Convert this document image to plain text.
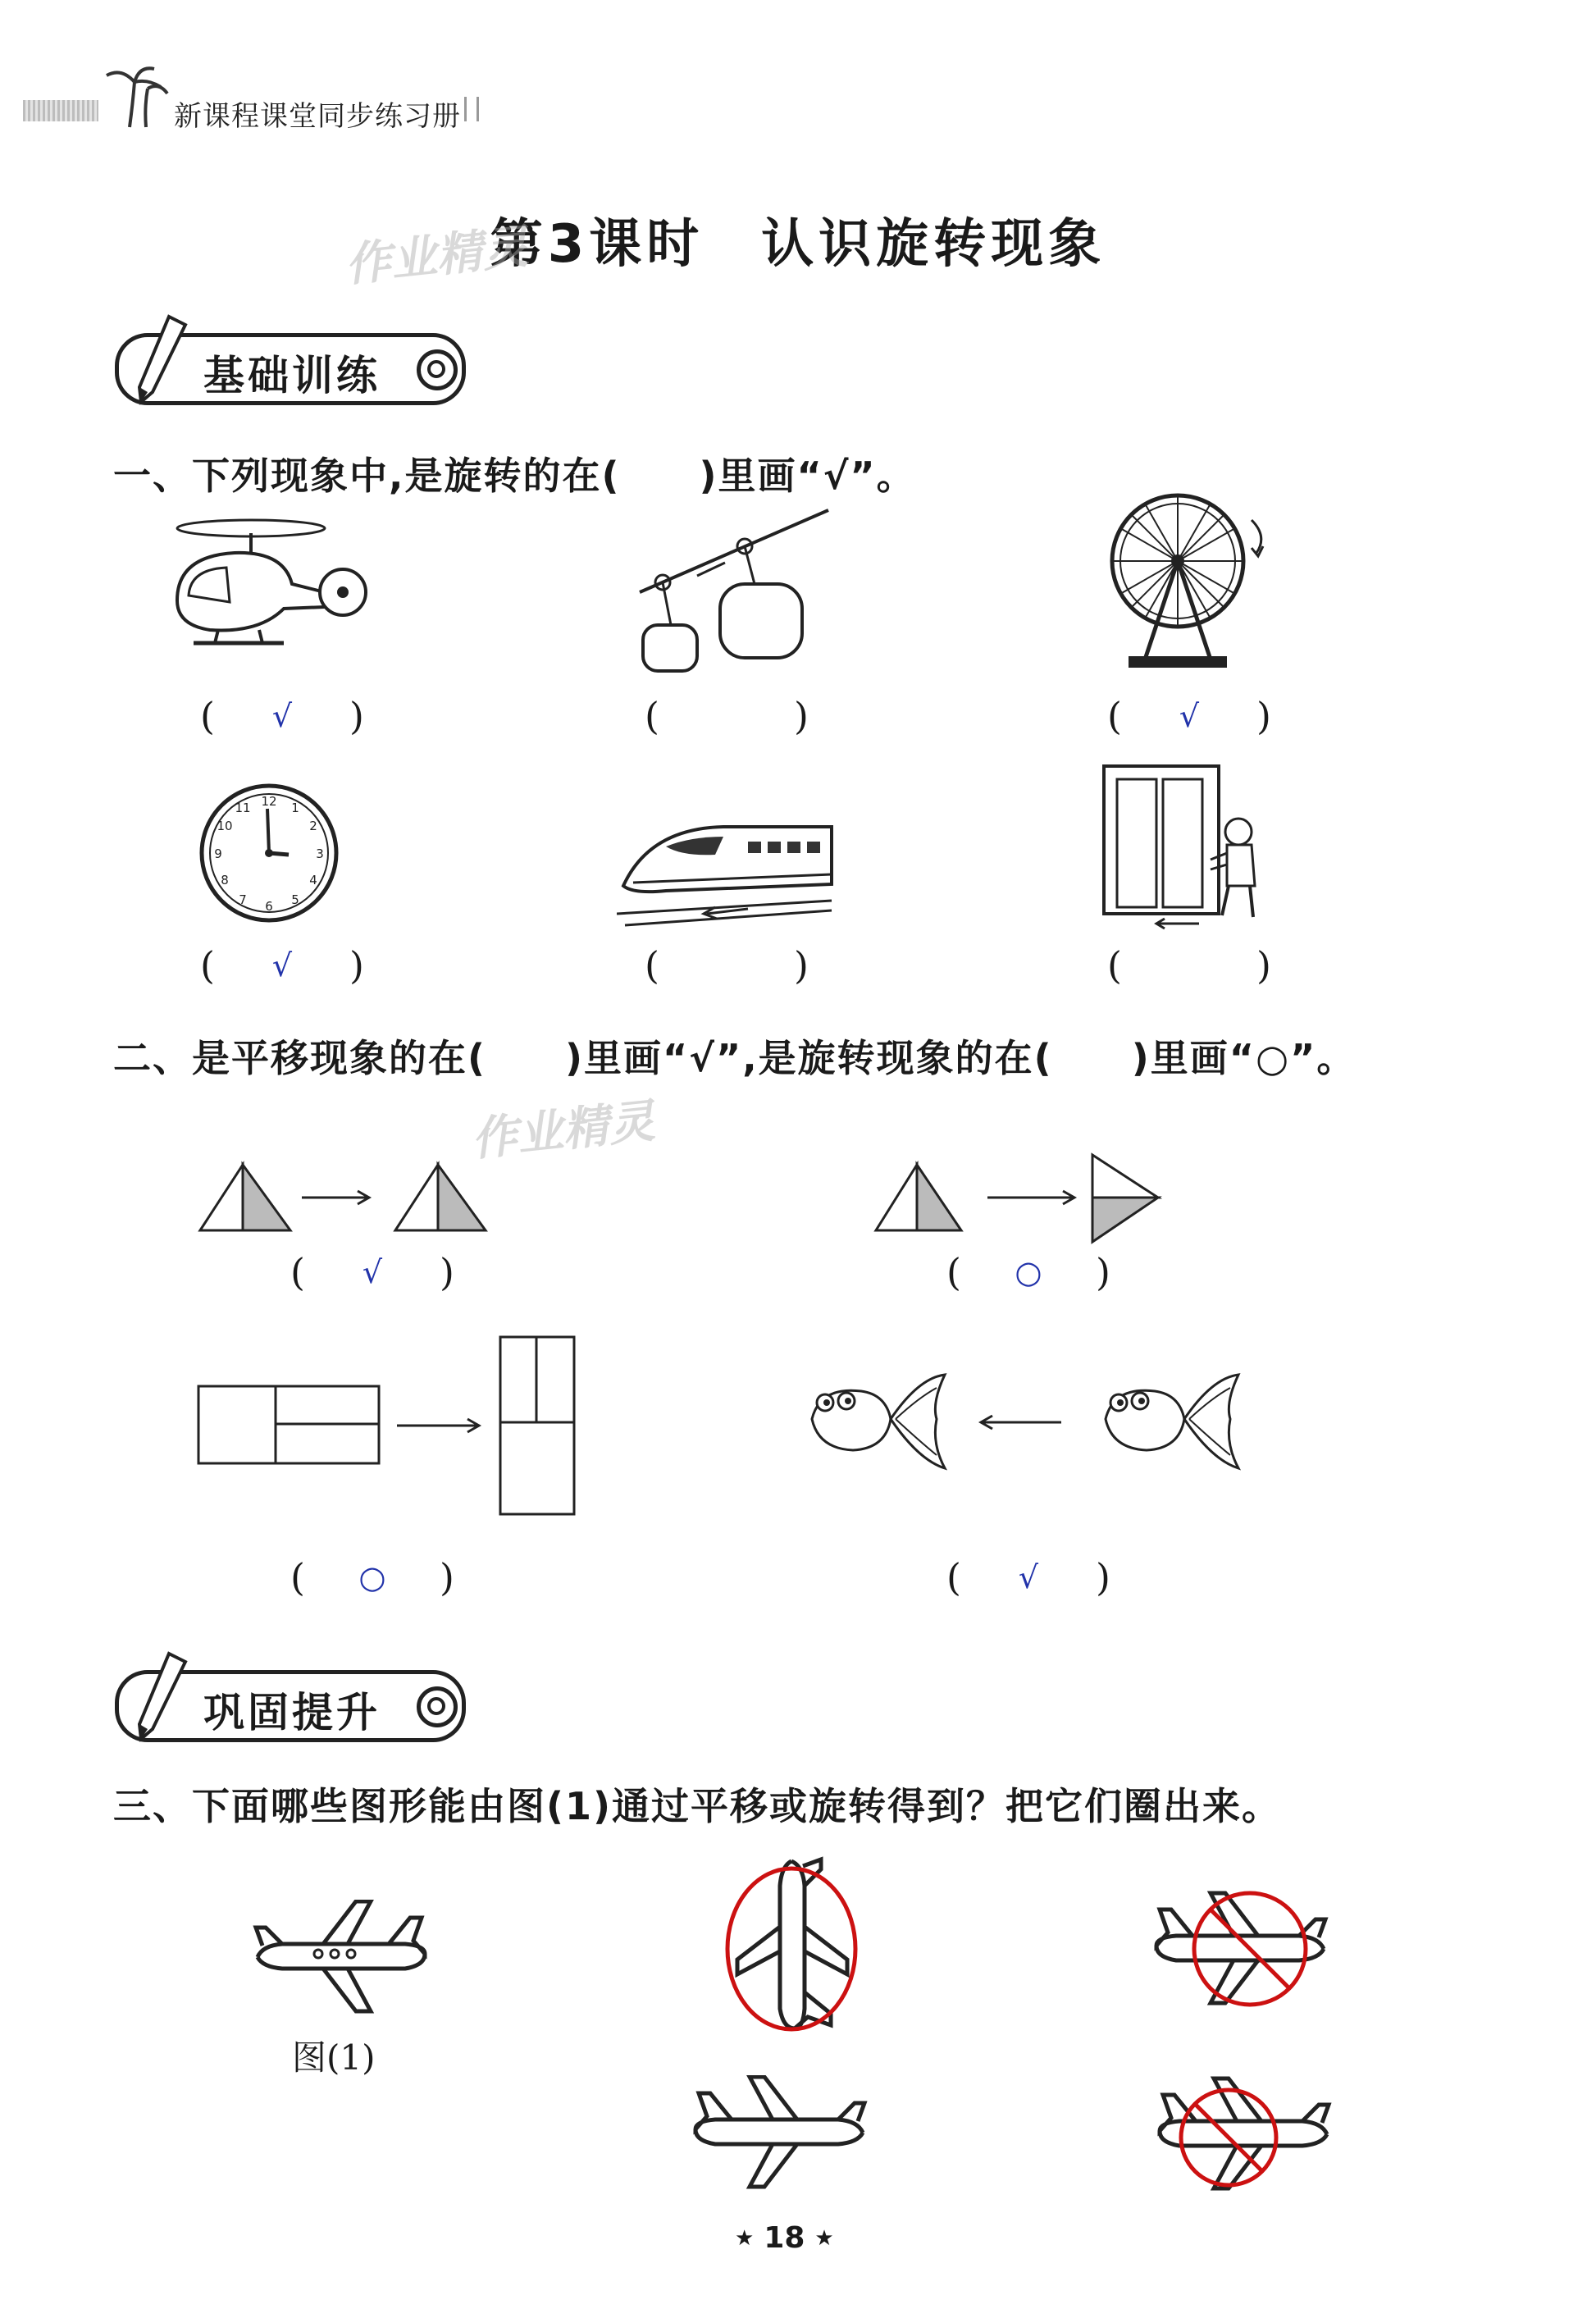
新课程课堂同步练习册
第3课时　认识旋转现象
作业精灵
基础训练
一、下列现象中,是旋转的在(　　)里画“√”。
( √ )	(	)	( √ )
12 1
2
3
4
5
6
7
8
9
10
11
( √ )	(	)	(	)
二、是平移现象的在(　　)里画“√”,是旋转现象的在(　　)里画“○”。
作业精灵
( √ )	( ○ )
( ○ )	( √ )
巩固提升
三、下面哪些图形能由图(1)通过平移或旋转得到？把它们圈出来。
图(1)
★ 18 ★
